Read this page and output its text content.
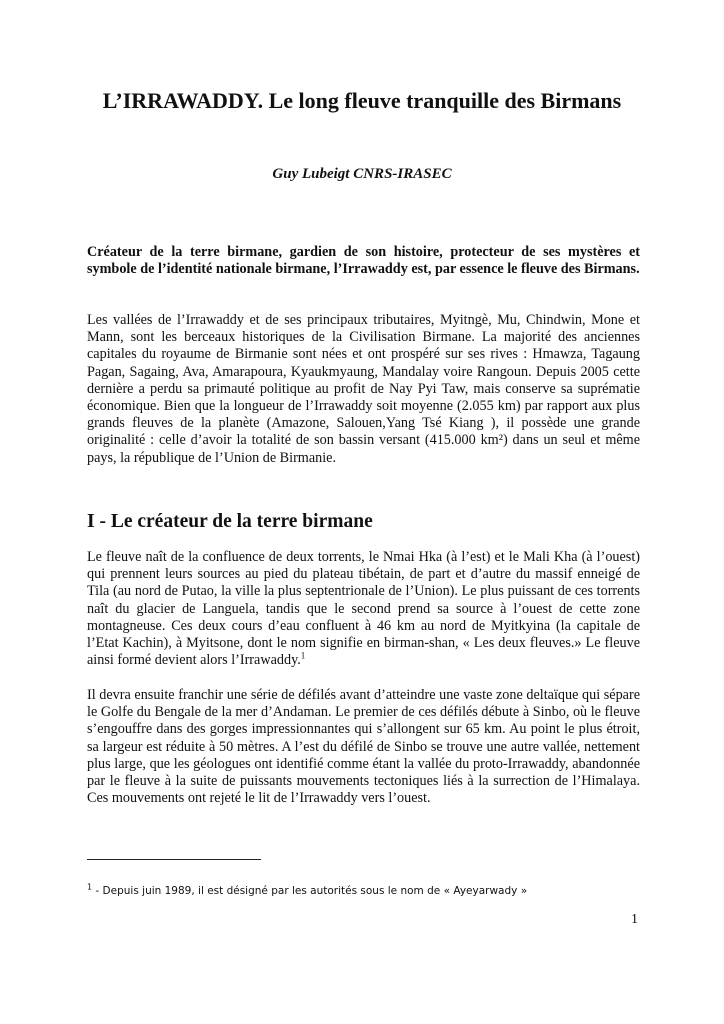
L’IRRAWADDY. Le long fleuve tranquille des Birmans
Guy Lubeigt CNRS-IRASEC

Créateur de la terre birmane, gardien de son histoire, protecteur de ses mystères et symbole de l’identité nationale birmane, l’Irrawaddy est, par essence le fleuve des Birmans.

Les vallées de l’Irrawaddy et de ses principaux tributaires, Myitngè, Mu, Chindwin, Mone et Mann, sont les berceaux historiques de la Civilisation Birmane. La majorité des anciennes capitales du royaume de Birmanie sont nées et ont prospéré sur ses rives : Hmawza, Tagaung Pagan, Sagaing, Ava, Amarapoura, Kyaukmyaung, Mandalay voire Rangoun. Depuis 2005 cette dernière a perdu sa primauté politique au profit de Nay Pyi Taw, mais conserve sa suprématie économique. Bien que la longueur de l’Irrawaddy soit moyenne (2.055 km) par rapport aux plus grands fleuves de la planète (Amazone, Salouen,Yang Tsé Kiang ), il possède une grande originalité : celle d’avoir la totalité de son bassin versant (415.000 km²) dans un seul et même pays, la république de l’Union de Birmanie.

I - Le créateur de la terre birmane

Le fleuve naît de la confluence de deux torrents, le Nmai Hka (à l’est) et le Mali Kha (à l’ouest) qui prennent leurs sources au pied du plateau tibétain, de part et d’autre du massif enneigé de Tila (au nord de Putao, la ville la plus septentrionale de l’Union). Le plus puissant de ces torrents naît du glacier de Languela, tandis que le second prend sa source à l’ouest de cette zone montagneuse. Ces deux cours d’eau confluent à 46 km au nord de Myitkyina (la capitale de l’Etat Kachin), à Myitsone, dont le nom signifie en birman-shan, « Les deux fleuves.» Le fleuve ainsi formé devient alors l’Irrawaddy.$^1$

Il devra ensuite franchir une série de défilés avant d’atteindre une vaste zone deltaïque qui sépare le Golfe du Bengale de la mer d’Andaman. Le premier de ces défilés débute à Sinbo, où le fleuve s’engouffre dans des gorges impressionnantes qui s’allongent sur 65 km. Au point le plus étroit, sa largeur est réduite à 50 mètres. A l’est du défilé de Sinbo se trouve une autre vallée, nettement plus large, que les géologues ont identifié comme étant la vallée du proto-Irrawaddy, abandonnée par le fleuve à la suite de puissants mouvements tectoniques liés à la surrection de l’Himalaya. Ces mouvements ont rejeté le lit de l’Irrawaddy vers l’ouest.

$^1$ - Depuis juin 1989, il est désigné par les autorités sous le nom de « Ayeyarwady »
1
